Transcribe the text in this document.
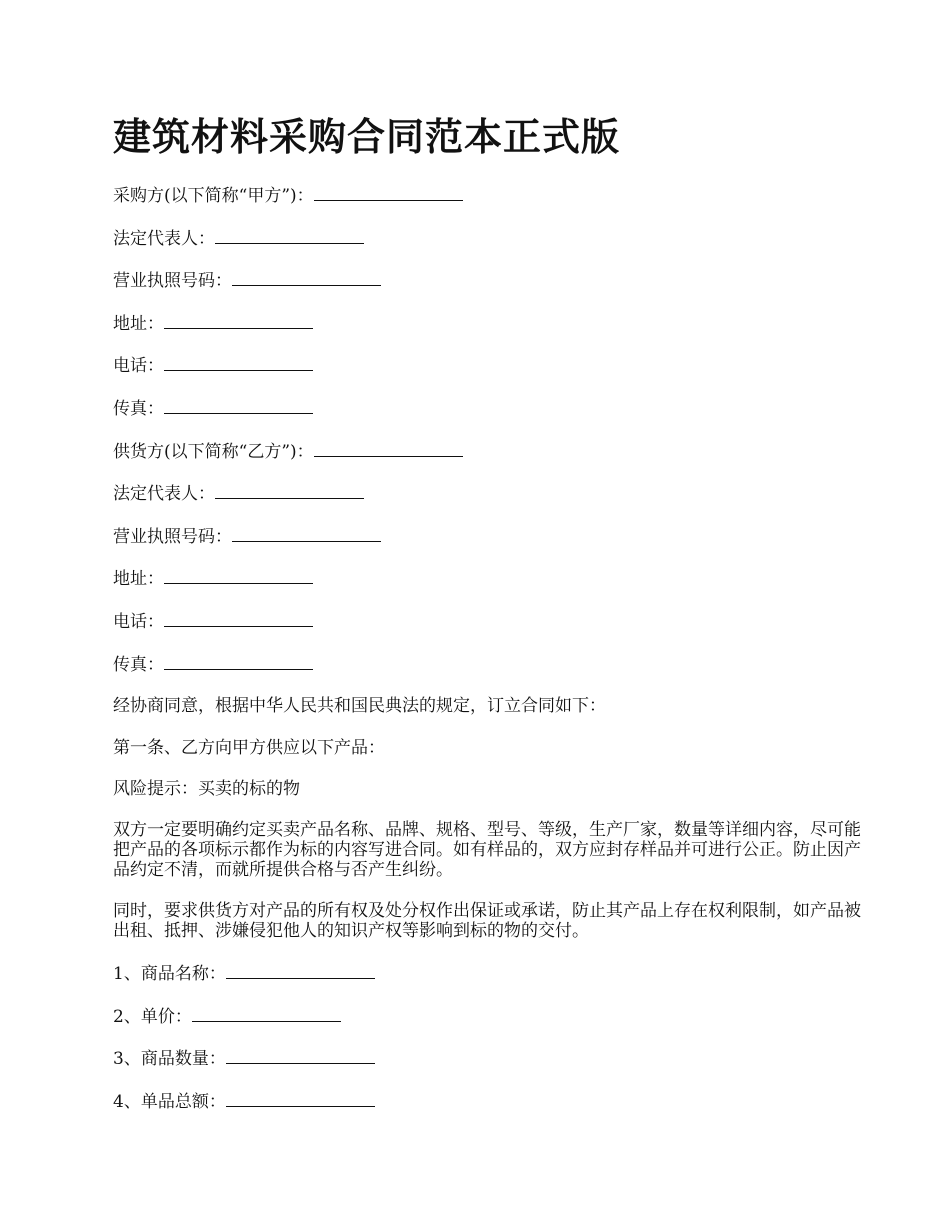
建筑材料采购合同范本正式版
采购方(以下简称“甲方”)：
法定代表人：
营业执照号码：
地址：
电话：
传真：
供货方(以下简称“乙方”)：
法定代表人：
营业执照号码：
地址：
电话：
传真：
经协商同意，根据中华人民共和国民典法的规定，订立合同如下：
第一条、乙方向甲方供应以下产品：
风险提示：买卖的标的物
双方一定要明确约定买卖产品名称、品牌、规格、型号、等级，生产厂家，数量等详细内容，尽可能把产品的各项标示都作为标的内容写进合同。如有样品的，双方应封存样品并可进行公正。防止因产品约定不清，而就所提供合格与否产生纠纷。
同时，要求供货方对产品的所有权及处分权作出保证或承诺，防止其产品上存在权利限制，如产品被出租、抵押、涉嫌侵犯他人的知识产权等影响到标的物的交付。
1、商品名称：
2、单价：
3、商品数量：
4、单品总额：
